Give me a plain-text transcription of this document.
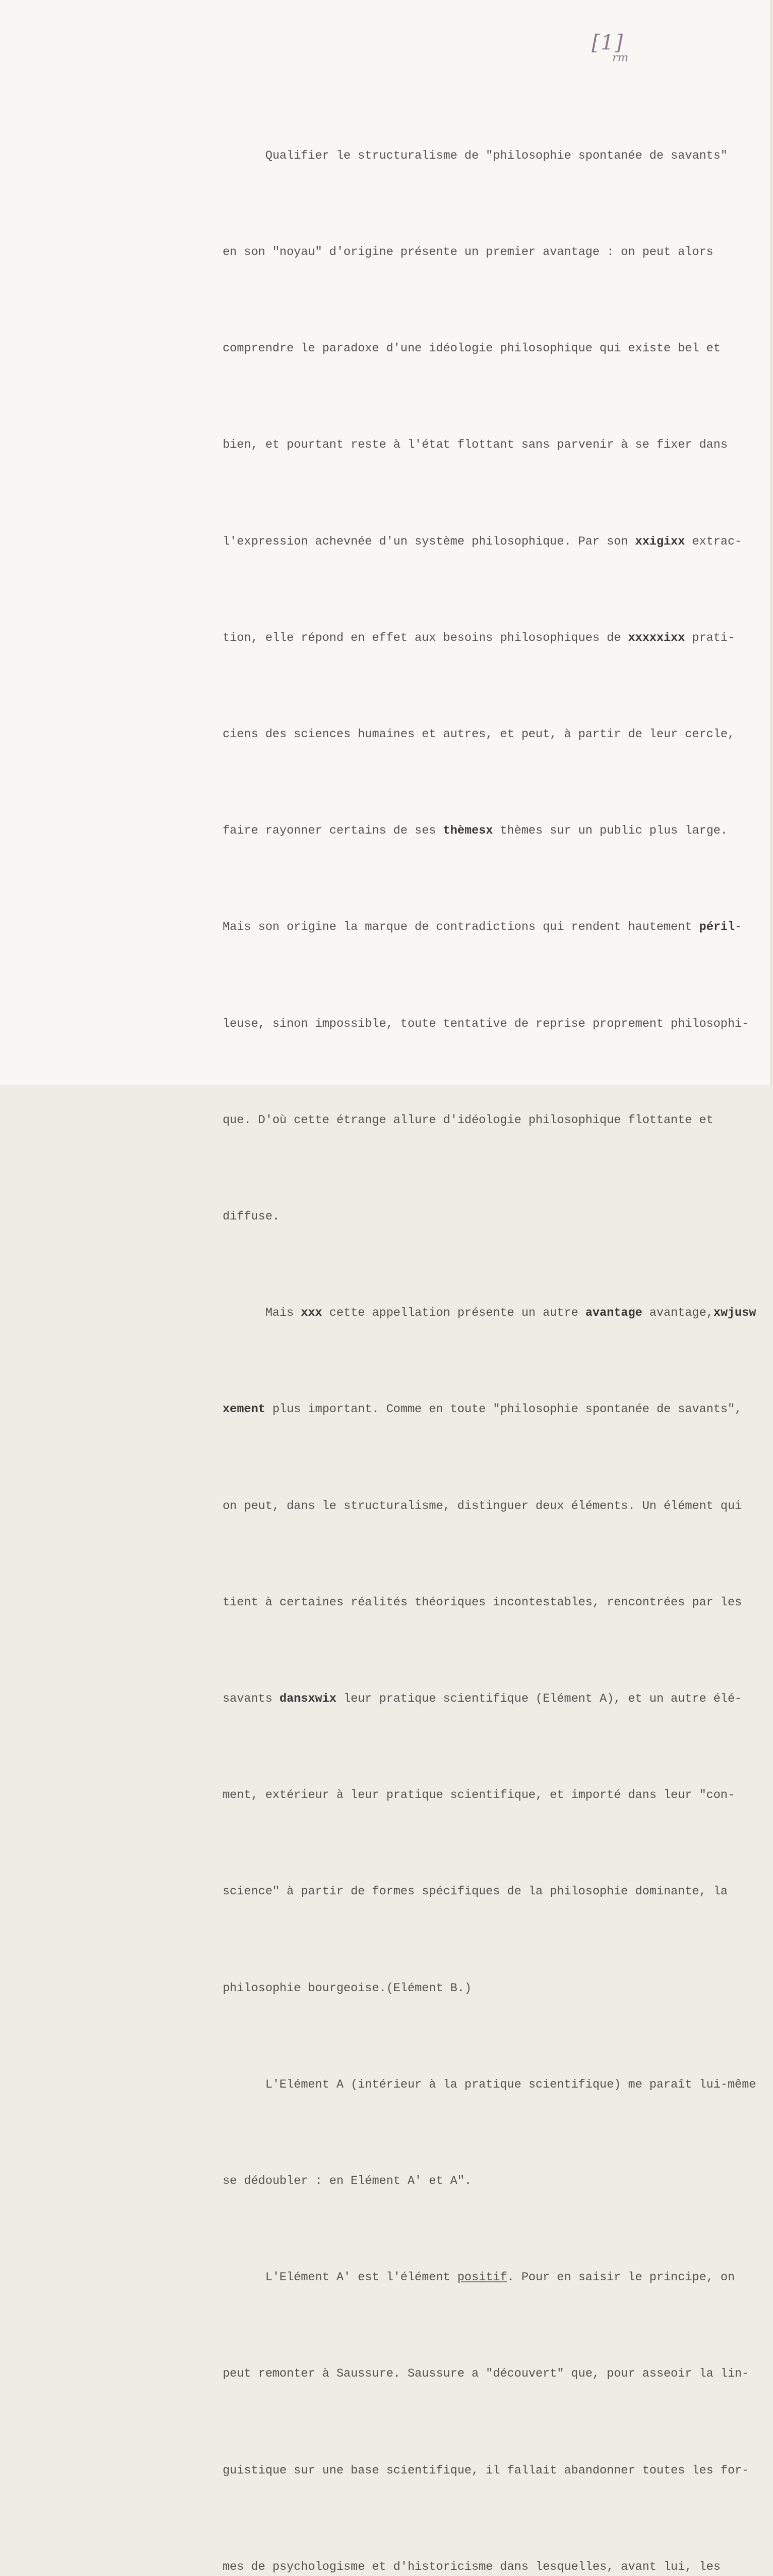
[1]
rm

Qualifier le structuralisme de "philosophie spontanée de savants"

en son "noyau" d'origine présente un premier avantage : on peut alors

comprendre le paradoxe d'une idéologie philosophique qui existe bel et

bien, et pourtant reste à l'état flottant sans parvenir à se fixer dans

l'expression achevnée d'un système philosophique. Par son xxigixx extrac-

tion, elle répond en effet aux besoins philosophiques de xxxxxixx prati-

ciens des sciences humaines et autres, et peut, à partir de leur cercle,

faire rayonner certains de ses thèmesx thèmes sur un public plus large.

Mais son origine la marque de contradictions qui rendent hautement péril-

leuse, sinon impossible, toute tentative de reprise proprement philosophi-

que. D'où cette étrange allure d'idéologie philosophique flottante et

diffuse.

Mais xxx cette appellation présente un autre avantage avantage,xwjusw

xement plus important. Comme en toute "philosophie spontanée de savants",

on peut, dans le structuralisme, distinguer deux éléments. Un élément qui

tient à certaines réalités théoriques incontestables, rencontrées par les

savants dansxwix leur pratique scientifique (Elément A), et un autre élé-

ment, extérieur à leur pratique scientifique, et importé dans leur "con-

science" à partir de formes spécifiques de la philosophie dominante, la

philosophie bourgeoise.(Elément B.)

L'Elément A (intérieur à la pratique scientifique) me paraît lui-même

se dédoubler : en Elément A' et A".

L'Elément A' est l'élément positif. Pour en saisir le principe, on

peut remonter à Saussure. Saussure a "découvert" que, pour asseoir la lin-

guistique sur une base scientifique, il fallait abandonner toutes les for-

mes de psychologisme et d'historicisme dans lesquelles, avant lui, les
